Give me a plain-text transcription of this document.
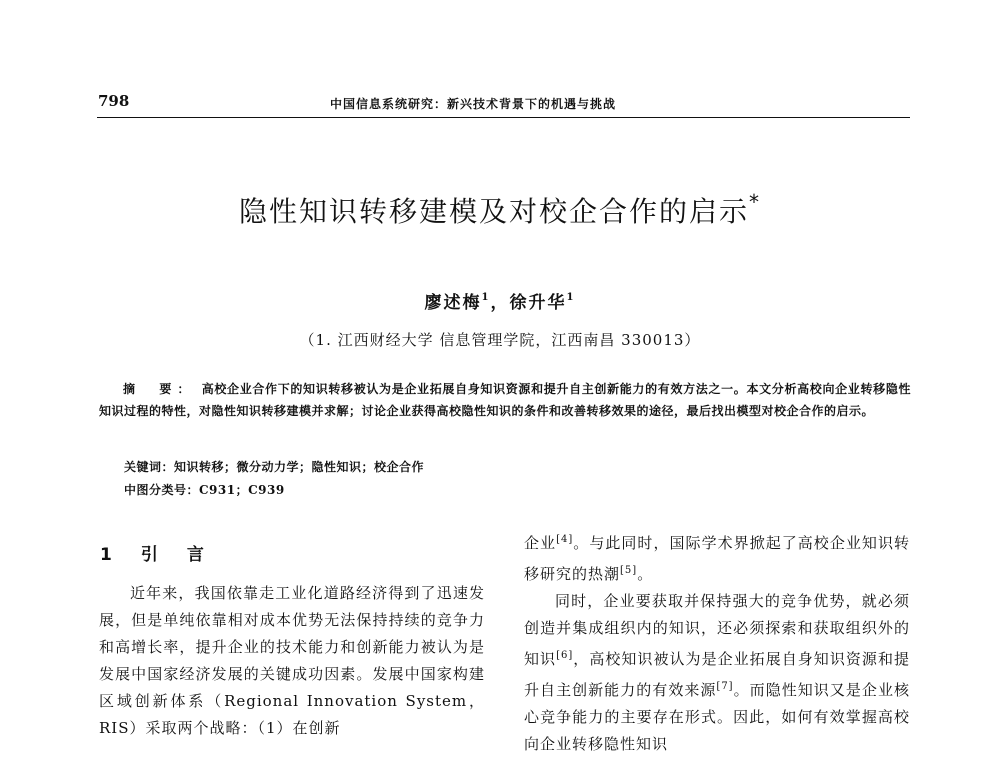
798	中国信息系统研究：新兴技术背景下的机遇与挑战
隐性知识转移建模及对校企合作的启示*
廖述梅$^1$，徐升华$^1$
（1. 江西财经大学 信息管理学院，江西南昌 330013）
摘　要： 高校企业合作下的知识转移被认为是企业拓展自身知识资源和提升自主创新能力的有效方法之一。本文分析高校向企业转移隐性知识过程的特性，对隐性知识转移建模并求解；讨论企业获得高校隐性知识的条件和改善转移效果的途径，最后找出模型对校企合作的启示。
关键词：知识转移；微分动力学；隐性知识；校企合作
中图分类号：C931；C939
1　引　言

近年来，我国依靠走工业化道路经济得到了迅速发展，但是单纯依靠相对成本优势无法保持持续的竞争力和高增长率，提升企业的技术能力和创新能力被认为是发展中国家经济发展的关键成功因素。发展中国家构建区域创新体系（Regional Innovation System，RIS）采取两个战略：（1）在创新

企业[4]。与此同时，国际学术界掀起了高校企业知识转移研究的热潮[5]。

同时，企业要获取并保持强大的竞争优势，就必须创造并集成组织内的知识，还必须探索和获取组织外的知识[6]，高校知识被认为是企业拓展自身知识资源和提升自主创新能力的有效来源[7]。而隐性知识又是企业核心竞争能力的主要存在形式。因此，如何有效掌握高校向企业转移隐性知识
